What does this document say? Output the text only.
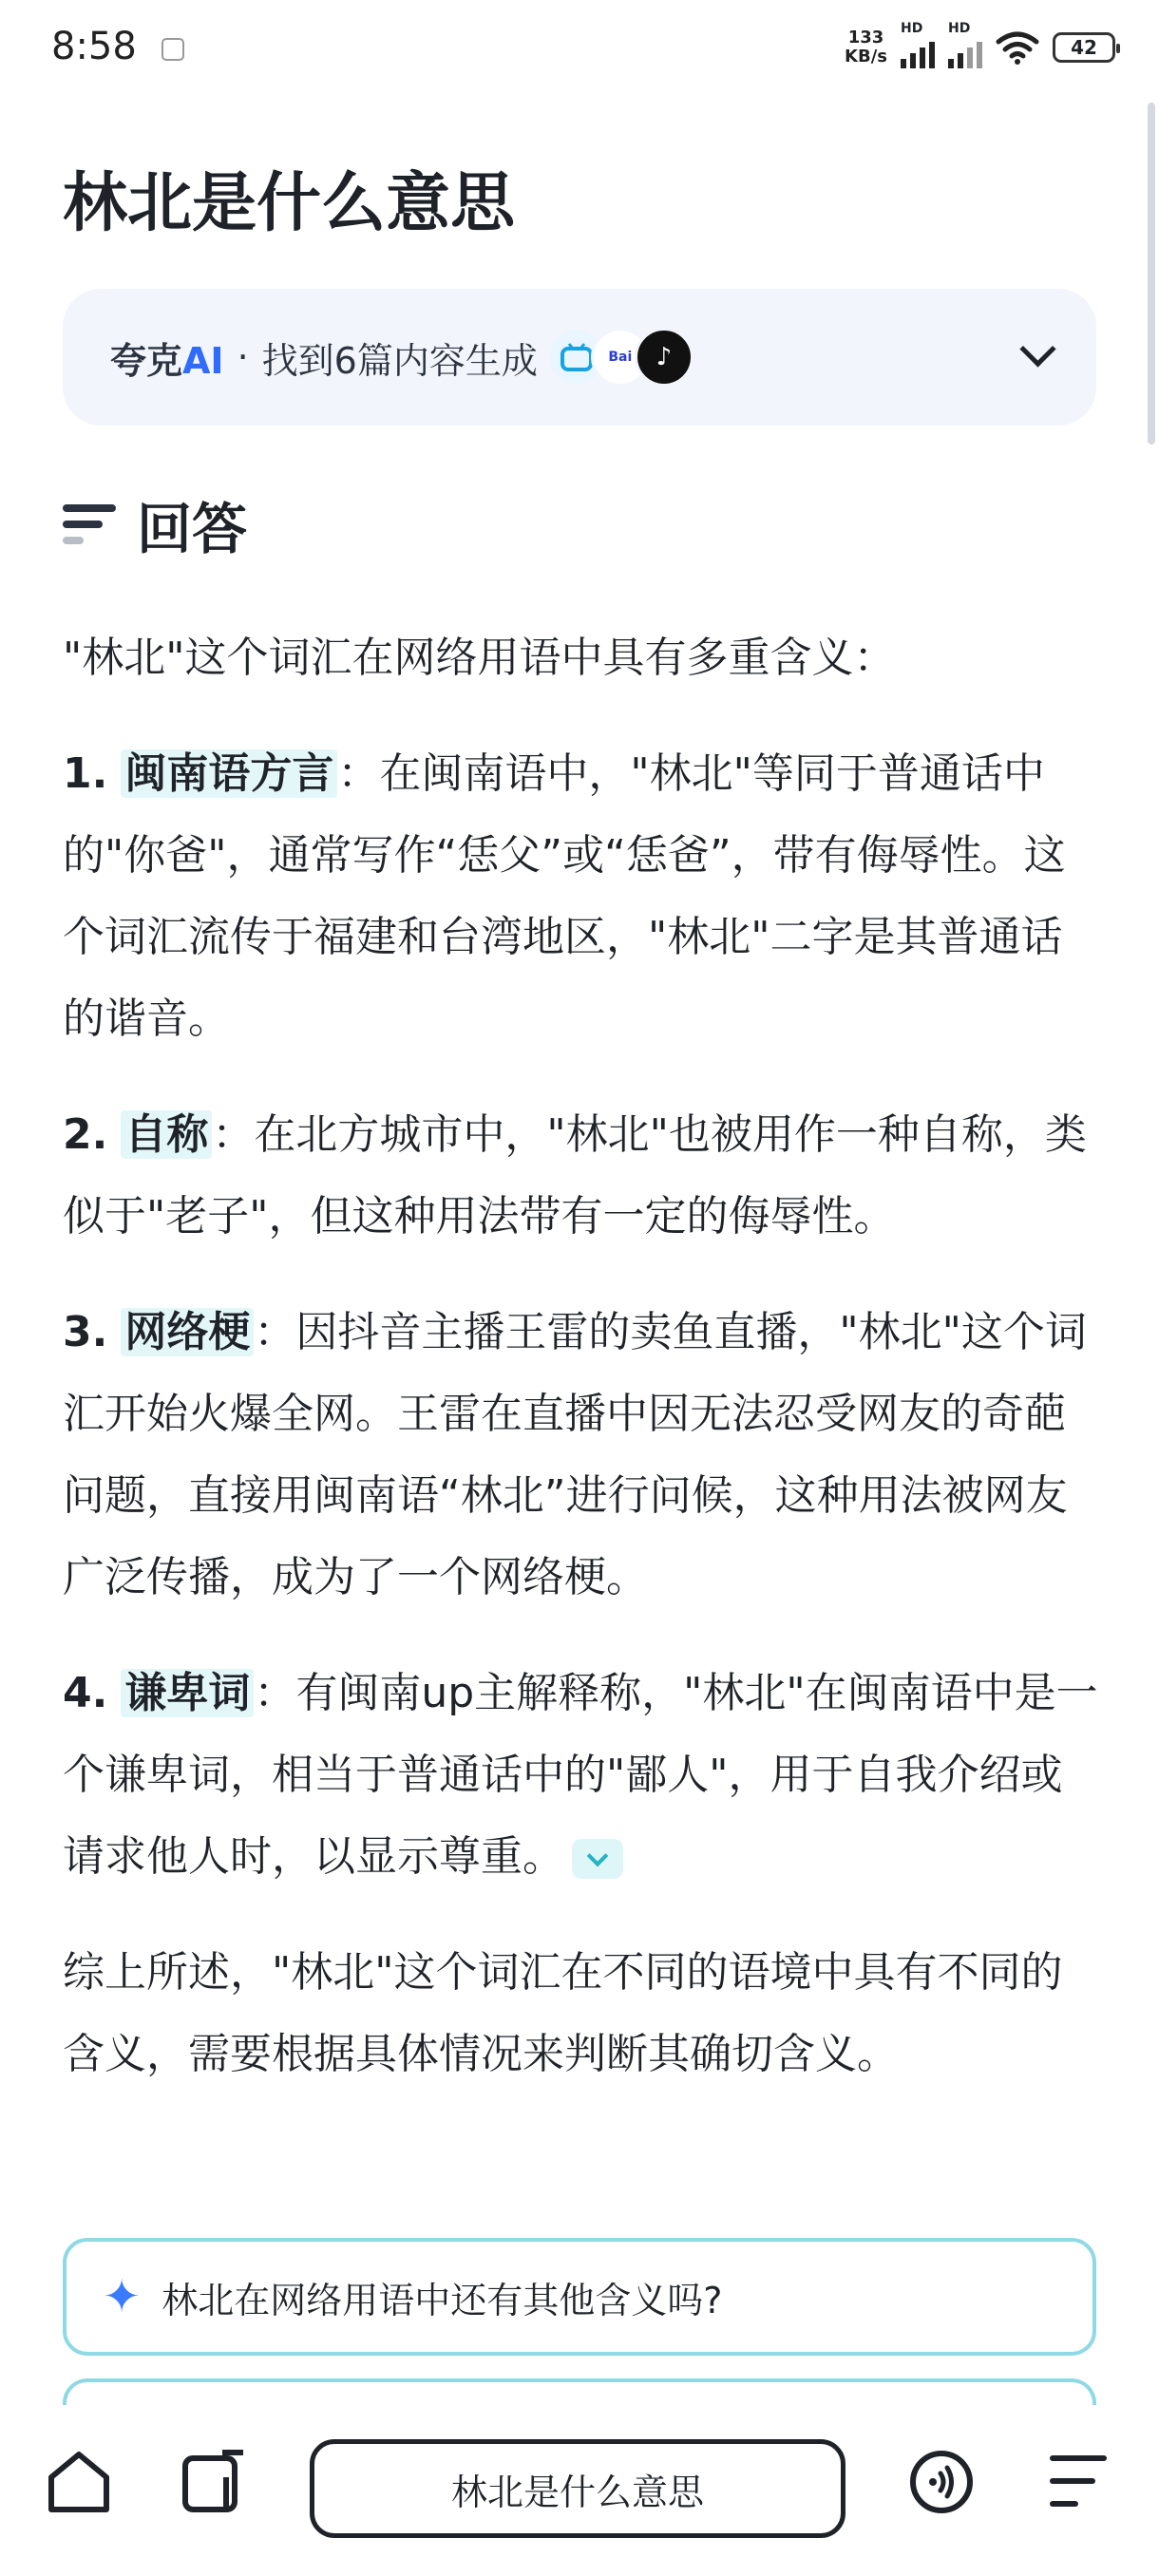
8:58	133
KB/s
HD HD
42
林北是什么意思
夸克AI · 找到6篇内容生成	Bai ♪
回答

"林北"这个词汇在网络用语中具有多重含义：

1. 闽南语方言：在闽南语中，"林北"等同于普通话中的"你爸"，通常写作“恁父”或“恁爸”，带有侮辱性。这个词汇流传于福建和台湾地区，"林北"二字是其普通话的谐音。

2. 自称：在北方城市中，"林北"也被用作一种自称，类似于"老子"，但这种用法带有一定的侮辱性。

3. 网络梗：因抖音主播王雷的卖鱼直播，"林北"这个词汇开始火爆全网。王雷在直播中因无法忍受网友的奇葩问题，直接用闽南语“林北”进行问候，这种用法被网友广泛传播，成为了一个网络梗。

4. 谦卑词：有闽南up主解释称，"林北"在闽南语中是一个谦卑词，相当于普通话中的"鄙人"，用于自我介绍或请求他人时，以显示尊重。

综上所述，"林北"这个词汇在不同的语境中具有不同的含义，需要根据具体情况来判断其确切含义。

✦ 林北在网络用语中还有其他含义吗?
林北是什么意思
